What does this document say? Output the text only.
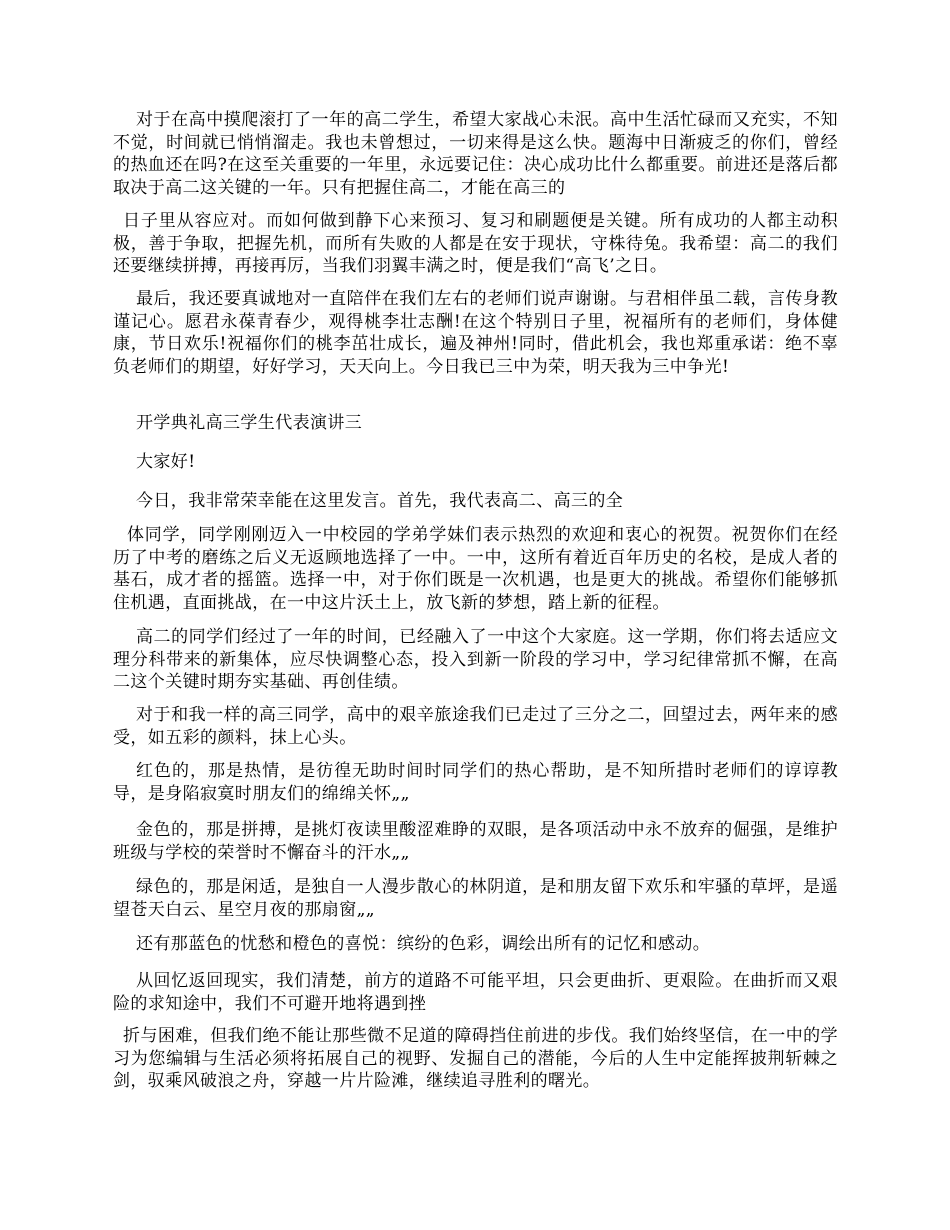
对于在高中摸爬滚打了一年的高二学生，希望大家战心未泯。高中生活忙碌而又充实，不知不觉，时间就已悄悄溜走。我也未曾想过，一切来得是这么快。题海中日渐疲乏的你们，曾经的热血还在吗?在这至关重要的一年里，永远要记住：决心成功比什么都重要。前进还是落后都取决于高二这关键的一年。只有把握住高二，才能在高三的

日子里从容应对。而如何做到静下心来预习、复习和刷题便是关键。所有成功的人都主动积极，善于争取，把握先机，而所有失败的人都是在安于现状，守株待兔。我希望：高二的我们还要继续拼搏，再接再厉，当我们羽翼丰满之时，便是我们“高飞’之日。

最后，我还要真诚地对一直陪伴在我们左右的老师们说声谢谢。与君相伴虽二载，言传身教谨记心。愿君永葆青春少，观得桃李壮志酬!在这个特别日子里，祝福所有的老师们，身体健康，节日欢乐!祝福你们的桃李茁壮成长，遍及神州!同时，借此机会，我也郑重承诺：绝不辜负老师们的期望，好好学习，天天向上。今日我已三中为荣，明天我为三中争光!

开学典礼高三学生代表演讲三

大家好!

今日，我非常荣幸能在这里发言。首先，我代表高二、高三的全

体同学，同学刚刚迈入一中校园的学弟学妹们表示热烈的欢迎和衷心的祝贺。祝贺你们在经历了中考的磨练之后义无返顾地选择了一中。一中，这所有着近百年历史的名校，是成人者的基石，成才者的摇篮。选择一中，对于你们既是一次机遇，也是更大的挑战。希望你们能够抓住机遇，直面挑战，在一中这片沃土上，放飞新的梦想，踏上新的征程。

高二的同学们经过了一年的时间，已经融入了一中这个大家庭。这一学期，你们将去适应文理分科带来的新集体，应尽快调整心态，投入到新一阶段的学习中，学习纪律常抓不懈，在高二这个关键时期夯实基础、再创佳绩。

对于和我一样的高三同学，高中的艰辛旅途我们已走过了三分之二，回望过去，两年来的感受，如五彩的颜料，抹上心头。

红色的，那是热情，是彷徨无助时间时同学们的热心帮助，是不知所措时老师们的谆谆教导，是身陷寂寞时朋友们的绵绵关怀„„

金色的，那是拼搏，是挑灯夜读里酸涩难睁的双眼，是各项活动中永不放弃的倔强，是维护班级与学校的荣誉时不懈奋斗的汗水„„

绿色的，那是闲适，是独自一人漫步散心的林阴道，是和朋友留下欢乐和牢骚的草坪，是遥望苍天白云、星空月夜的那扇窗„„

还有那蓝色的忧愁和橙色的喜悦：缤纷的色彩，调绘出所有的记忆和感动。

从回忆返回现实，我们清楚，前方的道路不可能平坦，只会更曲折、更艰险。在曲折而又艰险的求知途中，我们不可避开地将遇到挫

折与困难，但我们绝不能让那些微不足道的障碍挡住前进的步伐。我们始终坚信，在一中的学习为您编辑与生活必须将拓展自己的视野、发掘自己的潜能，今后的人生中定能挥披荆斩棘之剑，驭乘风破浪之舟，穿越一片片险滩，继续追寻胜利的曙光。
